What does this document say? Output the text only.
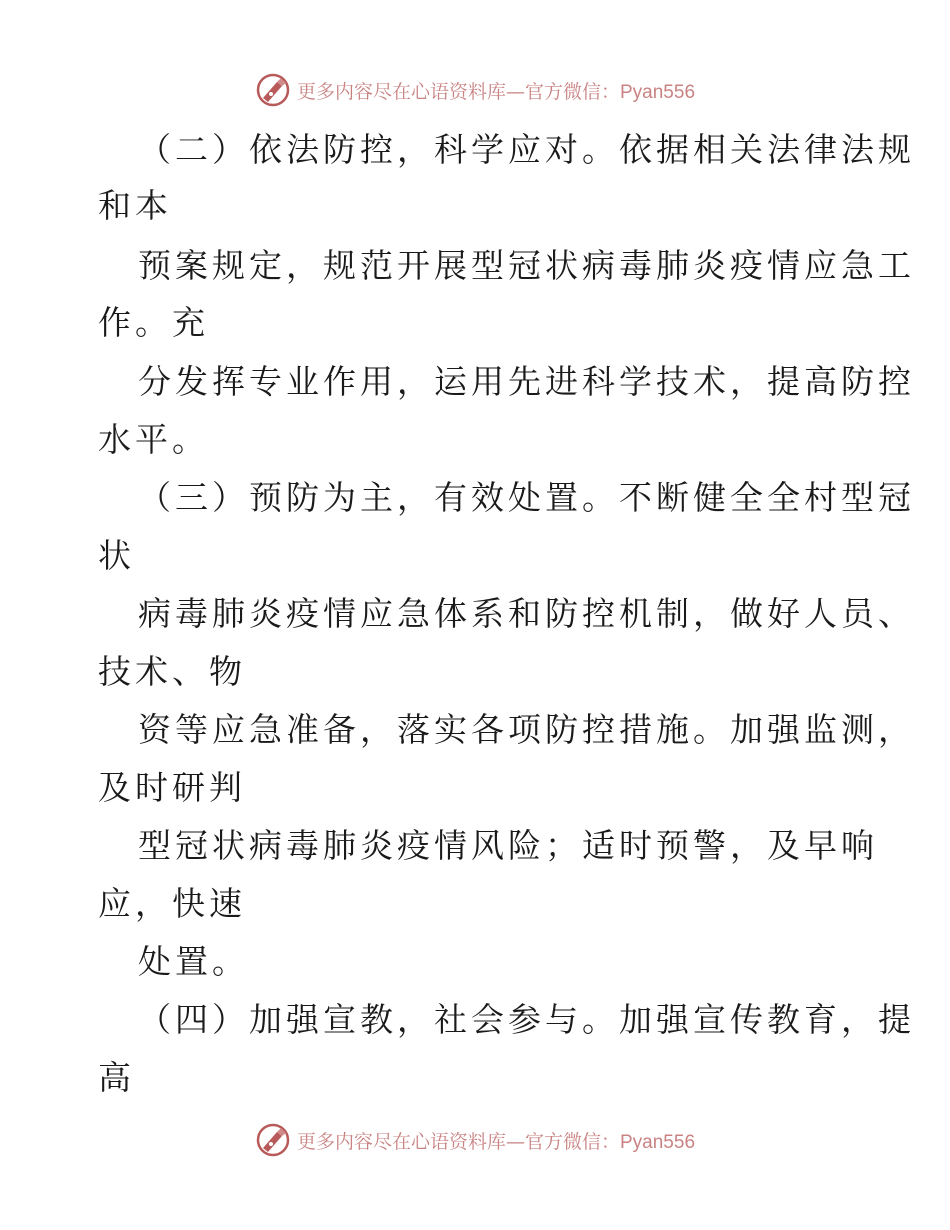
更多内容尽在心语资料库—官方微信：Pyan556
（二）依法防控，科学应对。依据相关法律法规
和本
预案规定，规范开展型冠状病毒肺炎疫情应急工
作。充
分发挥专业作用，运用先进科学技术，提高防控
水平。
（三）预防为主，有效处置。不断健全全村型冠
状
病毒肺炎疫情应急体系和防控机制，做好人员、
技术、物
资等应急准备，落实各项防控措施。加强监测，
及时研判
型冠状病毒肺炎疫情风险；适时预警，及早响
应，快速
处置。
（四）加强宣教，社会参与。加强宣传教育，提
高
更多内容尽在心语资料库—官方微信：Pyan556
